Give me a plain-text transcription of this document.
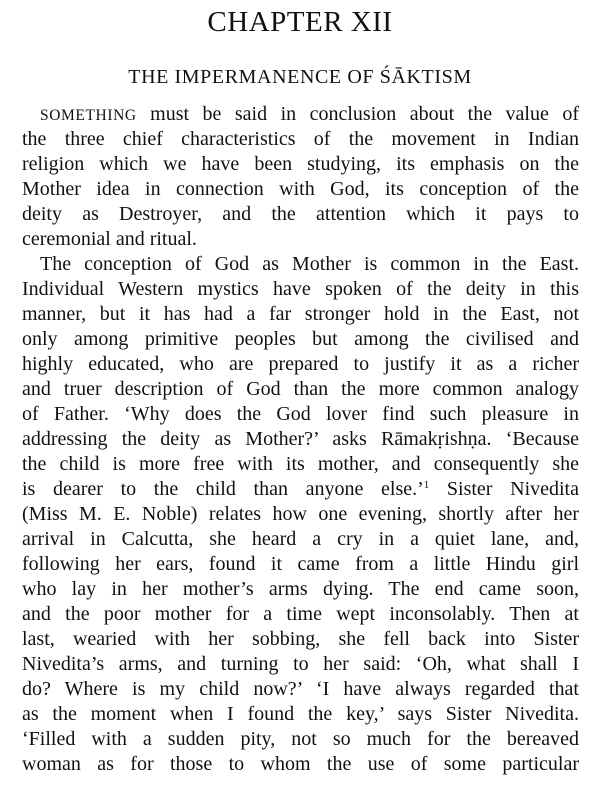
CHAPTER XII
THE IMPERMANENCE OF ŚĀKTISM

SOMETHING must be said in conclusion about the value of

the three chief characteristics of the movement in Indian

religion which we have been studying, its emphasis on the

Mother idea in connection with God, its conception of the

deity as Destroyer, and the attention which it pays to

ceremonial and ritual.

The conception of God as Mother is common in the East.

Individual Western mystics have spoken of the deity in this

manner, but it has had a far stronger hold in the East, not

only among primitive peoples but among the civilised and

highly educated, who are prepared to justify it as a richer

and truer description of God than the more common analogy

of Father. ‘Why does the God lover find such pleasure in

addressing the deity as Mother?’ asks Rāmakṛishṇa. ‘Because

the child is more free with its mother, and consequently she

is dearer to the child than anyone else.’$^1$ Sister Nivedita

(Miss M. E. Noble) relates how one evening, shortly after her

arrival in Calcutta, she heard a cry in a quiet lane, and,

following her ears, found it came from a little Hindu girl

who lay in her mother’s arms dying. The end came soon,

and the poor mother for a time wept inconsolably. Then at

last, wearied with her sobbing, she fell back into Sister

Nivedita’s arms, and turning to her said: ‘Oh, what shall I

do? Where is my child now?’ ‘I have always regarded that

as the moment when I found the key,’ says Sister Nivedita.

‘Filled with a sudden pity, not so much for the bereaved

woman as for those to whom the use of some particular
